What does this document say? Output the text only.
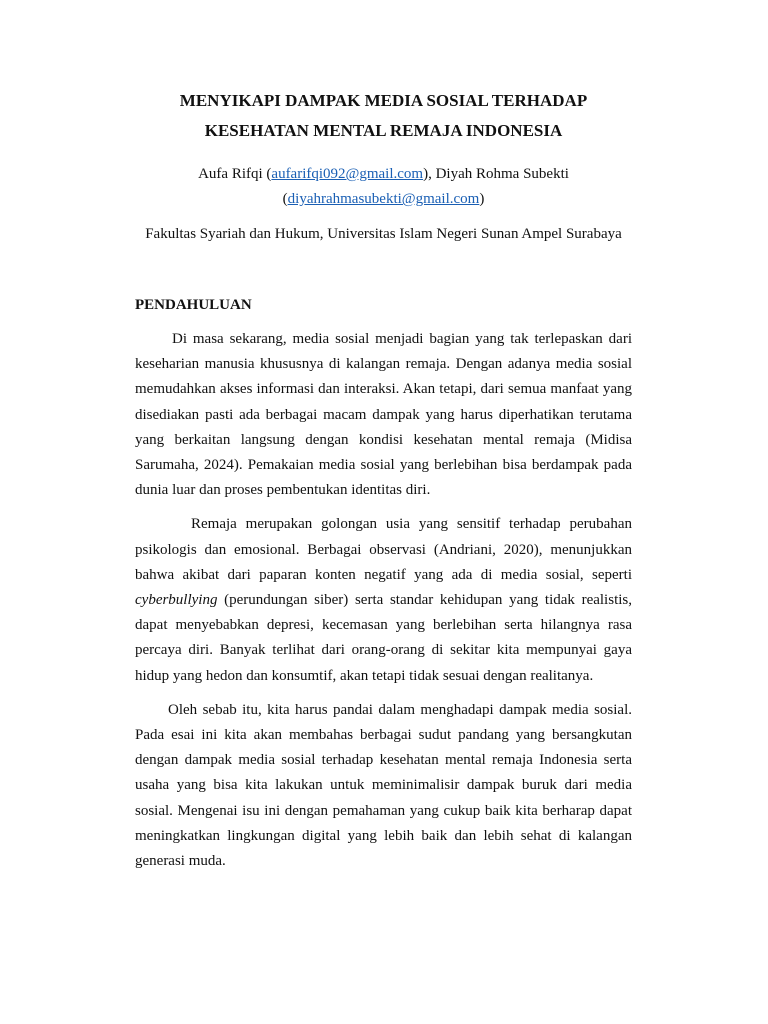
MENYIKAPI DAMPAK MEDIA SOSIAL TERHADAP
KESEHATAN MENTAL REMAJA INDONESIA
Aufa Rifqi (aufarifqi092@gmail.com), Diyah Rohma Subekti
(diyahrahmasubekti@gmail.com)
Fakultas Syariah dan Hukum, Universitas Islam Negeri Sunan Ampel Surabaya
PENDAHULUAN

Di masa sekarang, media sosial menjadi bagian yang tak terlepaskan dari keseharian manusia khususnya di kalangan remaja. Dengan adanya media sosial memudahkan akses informasi dan interaksi. Akan tetapi, dari semua manfaat yang disediakan pasti ada berbagai macam dampak yang harus diperhatikan terutama yang berkaitan langsung dengan kondisi kesehatan mental remaja (Midisa Sarumaha, 2024). Pemakaian media sosial yang berlebihan bisa berdampak pada dunia luar dan proses pembentukan identitas diri.

Remaja merupakan golongan usia yang sensitif terhadap perubahan psikologis dan emosional. Berbagai observasi (Andriani, 2020), menunjukkan bahwa akibat dari paparan konten negatif yang ada di media sosial, seperti cyberbullying (perundungan siber) serta standar kehidupan yang tidak realistis, dapat menyebabkan depresi, kecemasan yang berlebihan serta hilangnya rasa percaya diri. Banyak terlihat dari orang-orang di sekitar kita mempunyai gaya hidup yang hedon dan konsumtif, akan tetapi tidak sesuai dengan realitanya.

Oleh sebab itu, kita harus pandai dalam menghadapi dampak media sosial. Pada esai ini kita akan membahas berbagai sudut pandang yang bersangkutan dengan dampak media sosial terhadap kesehatan mental remaja Indonesia serta usaha yang bisa kita lakukan untuk meminimalisir dampak buruk dari media sosial. Mengenai isu ini dengan pemahaman yang cukup baik kita berharap dapat meningkatkan lingkungan digital yang lebih baik dan lebih sehat di kalangan generasi muda.
